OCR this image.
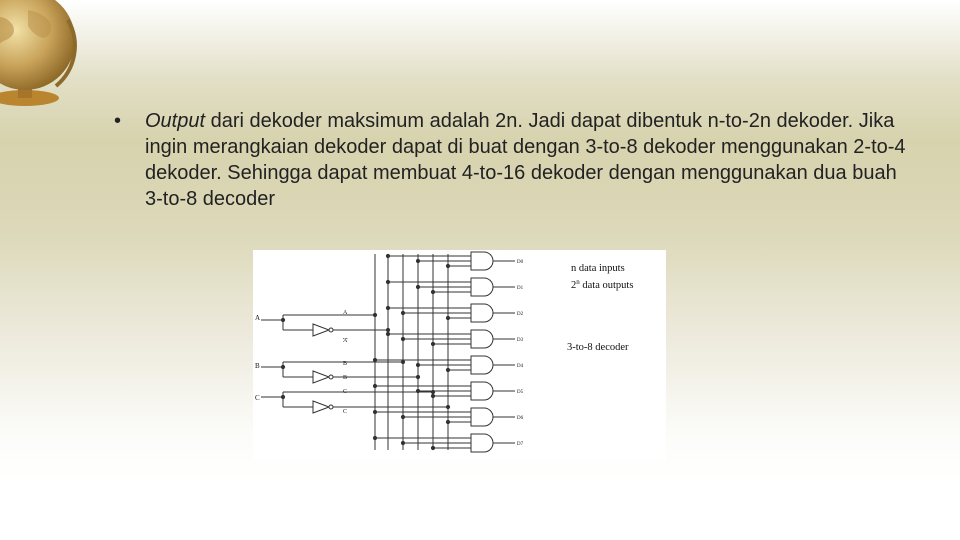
• Output dari dekoder maksimum adalah 2n. Jadi dapat dibentuk n-to-2n dekoder. Jika ingin merangkaian dekoder dapat di buat dengan 3-to-8 dekoder menggunakan 2-to-4 dekoder. Sehingga dapat membuat 4-to-16 dekoder dengan menggunakan dua buah 3-to-8 decoder
A
B
C
A
B
C
A
B
C
D0
D1
D2
D3
D4
D5
D6
D7
n data inputs
2$^n$ data outputs
3-to-8 decoder
